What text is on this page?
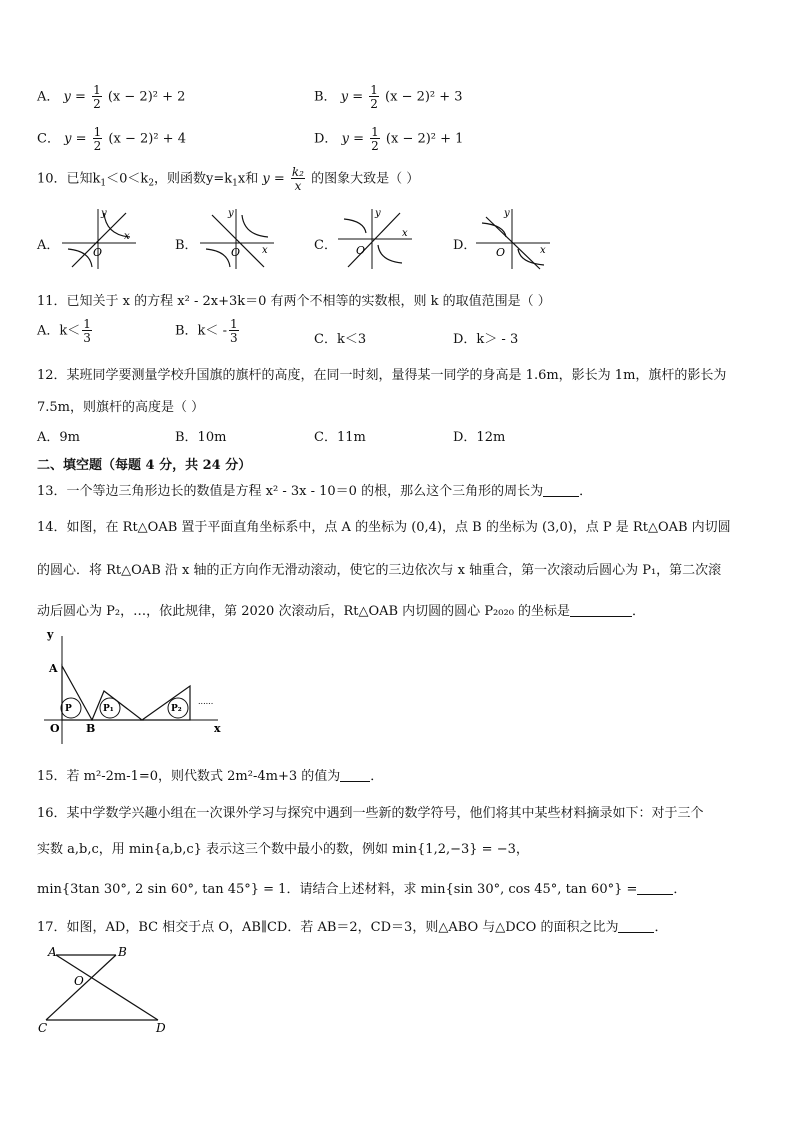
A． $y = \frac{1}{2} (x - 2)^2 + 2$	B． $y = \frac{1}{2} (x - 2)^2 + 3$
C． $y = \frac{1}{2} (x - 2)^2 + 4$	D． $y = \frac{1}{2} (x - 2)^2 + 1$
10．已知$k_1<0<k_2$，则函数$y=k_1x$和 $y = \frac{\text{k₂}}{x}$ 的图象大致是（ ）
A．
y
x
O	B．
y
x
O	C．
y
x
O	D．
y
x
O
11．已知关于 x 的方程 x² - 2x+3k＝0 有两个不相等的实数根，则 k 的取值范围是（ ）
A．$k< \frac{1}{3}$	B．$k< - \frac{1}{3}$	C．k＜3	D．k＞ - 3
12．某班同学要测量学校升国旗的旗杆的高度，在同一时刻，量得某一同学的身高是 1.6m，影长为 1m，旗杆的影长为
7.5m，则旗杆的高度是（ ）
A．9m	B．10m	C．11m	D．12m
二、填空题（每题 4 分，共 24 分）
13．一个等边三角形边长的数值是方程 x² - 3x - 10＝0 的根，那么这个三角形的周长为	．
14．如图，在 Rt△OAB 置于平面直角坐标系中，点 A 的坐标为 (0,4)，点 B 的坐标为 (3,0)，点 P 是 Rt△OAB 内切圆
的圆心．将 Rt△OAB 沿 x 轴的正方向作无滑动滚动，使它的三边依次与 x 轴重合，第一次滚动后圆心为 P₁，第二次滚
动后圆心为 P₂，…，依此规律，第 2020 次滚动后，Rt△OAB 内切圆的圆心 P₂₀₂₀ 的坐标是	．
y
x
A
O B
P	P₁	P₂
......
15．若 m²-2m-1=0，则代数式 2m²-4m+3 的值为 ．
16．某中学数学兴趣小组在一次课外学习与探究中遇到一些新的数学符号，他们将其中某些材料摘录如下：对于三个
实数 a,b,c，用 min{a,b,c} 表示这三个数中最小的数，例如 min{1,2,−3} = −3，
min{3tan 30°, 2 sin 60°, tan 45°} = 1．请结合上述材料，求 min{sin 30°, cos 45°, tan 60°} =	．
17．如图，AD，BC 相交于点 O，AB∥CD．若 AB＝2，CD＝3，则△ABO 与△DCO 的面积之比为	．
A	B
O
C	D
